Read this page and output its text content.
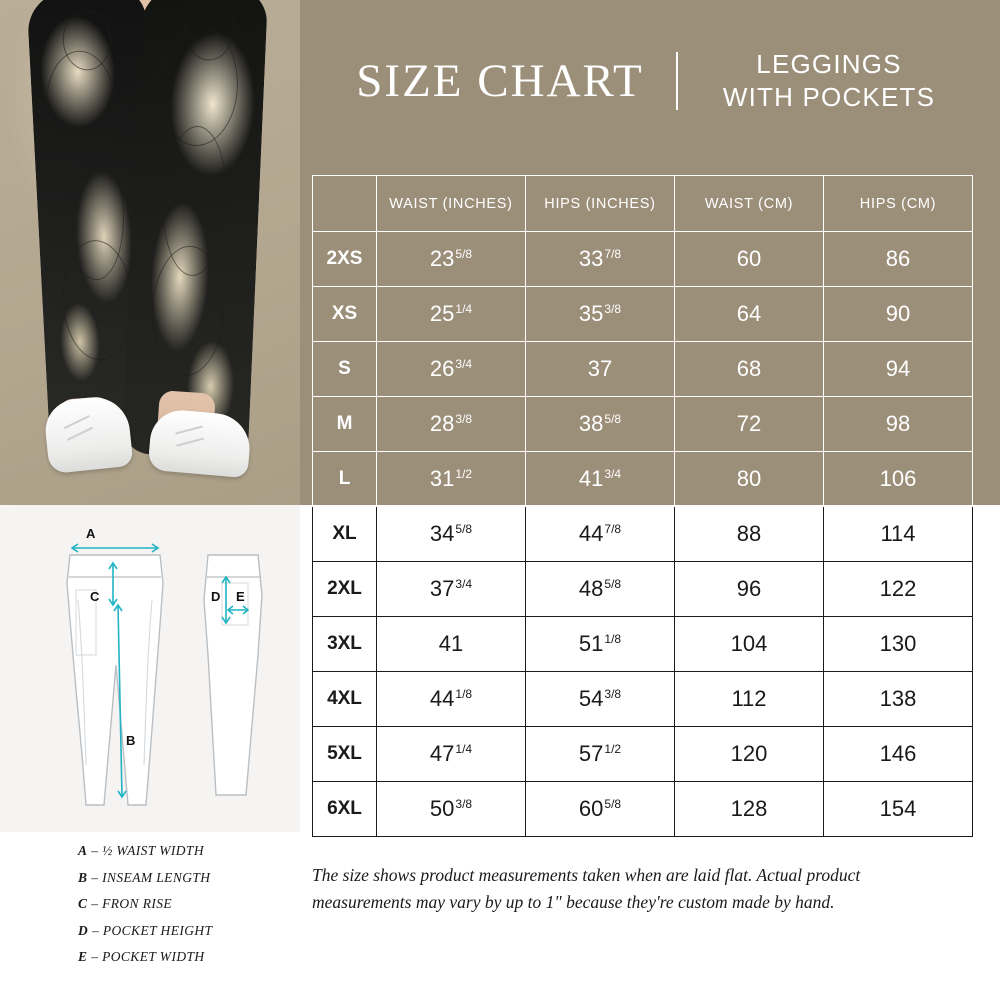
SIZE CHART	LEGGINGS
WITH POCKETS
	WAIST (INCHES)	HIPS (INCHES)	WAIST (CM)	HIPS (CM)
2XS	$23^{5/8}$	$33^{7/8}$	60	86
XS	$25^{1/4}$	$35^{3/8}$	64	90
S	$26^{3/4}$	37	68	94
M	$28^{3/8}$	$38^{5/8}$	72	98
L	$31^{1/2}$	$41^{3/4}$	80	106
XL	$34^{5/8}$	$44^{7/8}$	88	114
2XL	$37^{3/4}$	$48^{5/8}$	96	122
3XL	41	$51^{1/8}$	104	130
4XL	$44^{1/8}$	$54^{3/8}$	112	138
5XL	$47^{1/4}$	$57^{1/2}$	120	146
6XL	$50^{3/8}$	$60^{5/8}$	128	154
A
B
C	D E
A – ½ WAIST WIDTH
B – INSEAM LENGTH
C – FRON RISE
D – POCKET HEIGHT
E – POCKET WIDTH
The size shows product measurements taken when are laid flat. Actual product measurements may vary by up to 1" because they're custom made by hand.
